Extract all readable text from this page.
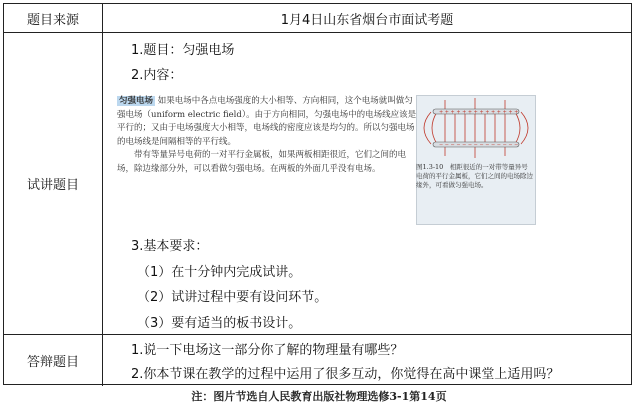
题目来源	1月4日山东省烟台市面试考题
试讲题目
1.题目：匀强电场
2.内容：

匀强电场 如果电场中各点电场强度的大小相等、方向相同，这个电场就叫做匀强电场（uniform electric field）。由于方向相同，匀强电场中的电场线应该是平行的；又由于电场强度大小相等，电场线的密度应该是均匀的。所以匀强电场的电场线是间隔相等的平行线。

带有等量异号电荷的一对平行金属板，如果两板相距很近，它们之间的电场，除边缘部分外，可以看做匀强电场。在两板的外面几乎没有电场。

+ + + + + + + + + + + + + +
− − − − − − − − − − − − − −
图1.3-10　相距很近的一对带等量异号电荷的平行金属板，它们之间的电场除边缘外，可看做匀强电场。
3.基本要求：
（1）在十分钟内完成试讲。
（2）试讲过程中要有设问环节。
（3）要有适当的板书设计。
答辩题目
1.说一下电场这一部分你了解的物理量有哪些？
2.你本节课在教学的过程中运用了很多互动，你觉得在高中课堂上适用吗？
注：图片节选自人民教育出版社物理选修3-1第14页
